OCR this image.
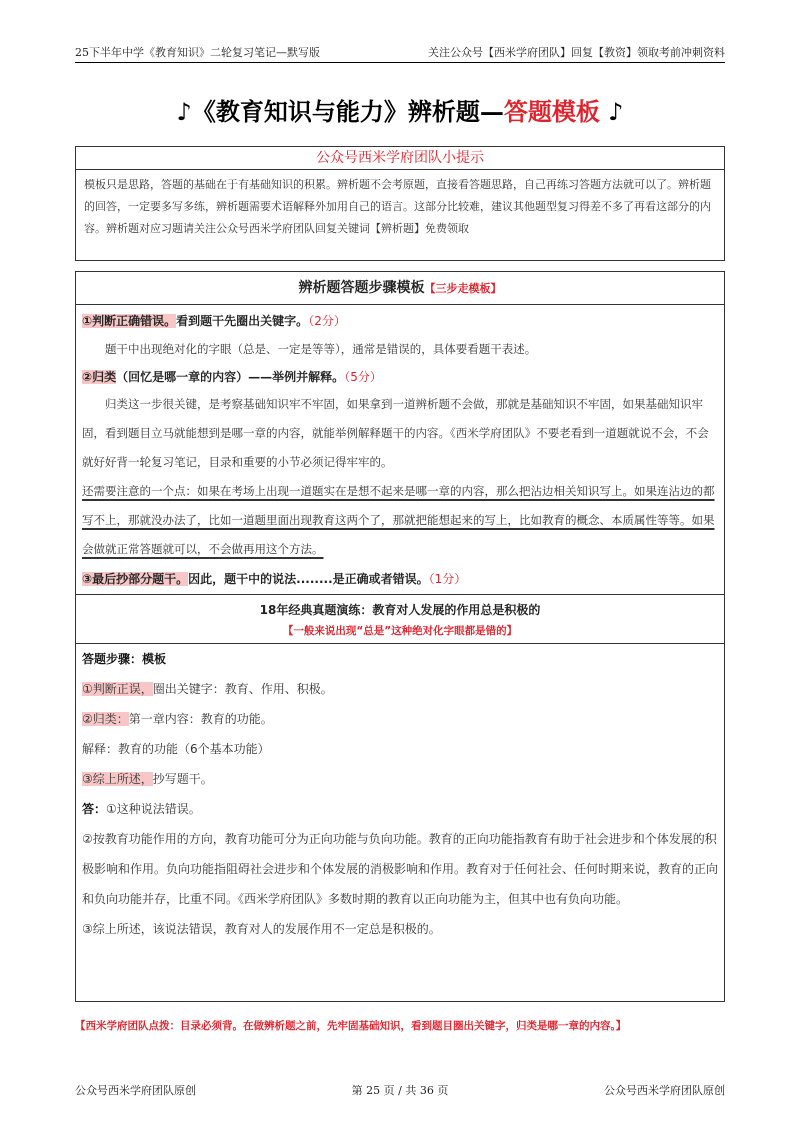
25下半年中学《教育知识》二轮复习笔记—默写版	关注公众号【西米学府团队】回复【教资】领取考前冲刺资料
♪《教育知识与能力》辨析题—答题模板 ♪
公众号西米学府团队小提示
模板只是思路，答题的基础在于有基础知识的积累。辨析题不会考原题，直接看答题思路，自己再练习答题方法就可以了。辨析题的回答，一定要多写多练，辨析题需要术语解释外加用自己的语言。这部分比较难，建议其他题型复习得差不多了再看这部分的内容。辨析题对应习题请关注公众号西米学府团队回复关键词【辨析题】免费领取
辨析题答题步骤模板【三步走模板】
①判断正确错误。看到题干先圈出关键字。（2分）
题干中出现绝对化的字眼（总是、一定是等等），通常是错误的，具体要看题干表述。
②归类（回忆是哪一章的内容）——举例并解释。（5分）
归类这一步很关键，是考察基础知识牢不牢固，如果拿到一道辨析题不会做，那就是基础知识不牢固，如果基础知识牢固，看到题目立马就能想到是哪一章的内容，就能举例解释题干的内容。《西米学府团队》不要老看到一道题就说不会，不会就好好背一轮复习笔记，目录和重要的小节必须记得牢牢的。
还需要注意的一个点：如果在考场上出现一道题实在是想不起来是哪一章的内容，那么把沾边相关知识写上。如果连沾边的都写不上，那就没办法了，比如一道题里面出现教育这两个了，那就把能想起来的写上，比如教育的概念、本质属性等等。如果会做就正常答题就可以，不会做再用这个方法。
③最后抄部分题干。因此，题干中的说法........是正确或者错误。（1分）
18年经典真题演练：教育对人发展的作用总是积极的
【一般来说出现“总是”这种绝对化字眼都是错的】
答题步骤：模板
①判断正误，圈出关键字：教育、作用、积极。
②归类：第一章内容：教育的功能。
解释：教育的功能（6个基本功能）
③综上所述，抄写题干。
答：①这种说法错误。
②按教育功能作用的方向，教育功能可分为正向功能与负向功能。教育的正向功能指教育有助于社会进步和个体发展的积极影响和作用。负向功能指阻碍社会进步和个体发展的消极影响和作用。教育对于任何社会、任何时期来说，教育的正向和负向功能并存，比重不同。《西米学府团队》多数时期的教育以正向功能为主，但其中也有负向功能。
③综上所述，该说法错误，教育对人的发展作用不一定总是积极的。
【西米学府团队点拨：目录必须背。在做辨析题之前，先牢固基础知识，看到题目圈出关键字，归类是哪一章的内容。】
公众号西米学府团队原创	第 25 页 / 共 36 页	公众号西米学府团队原创
